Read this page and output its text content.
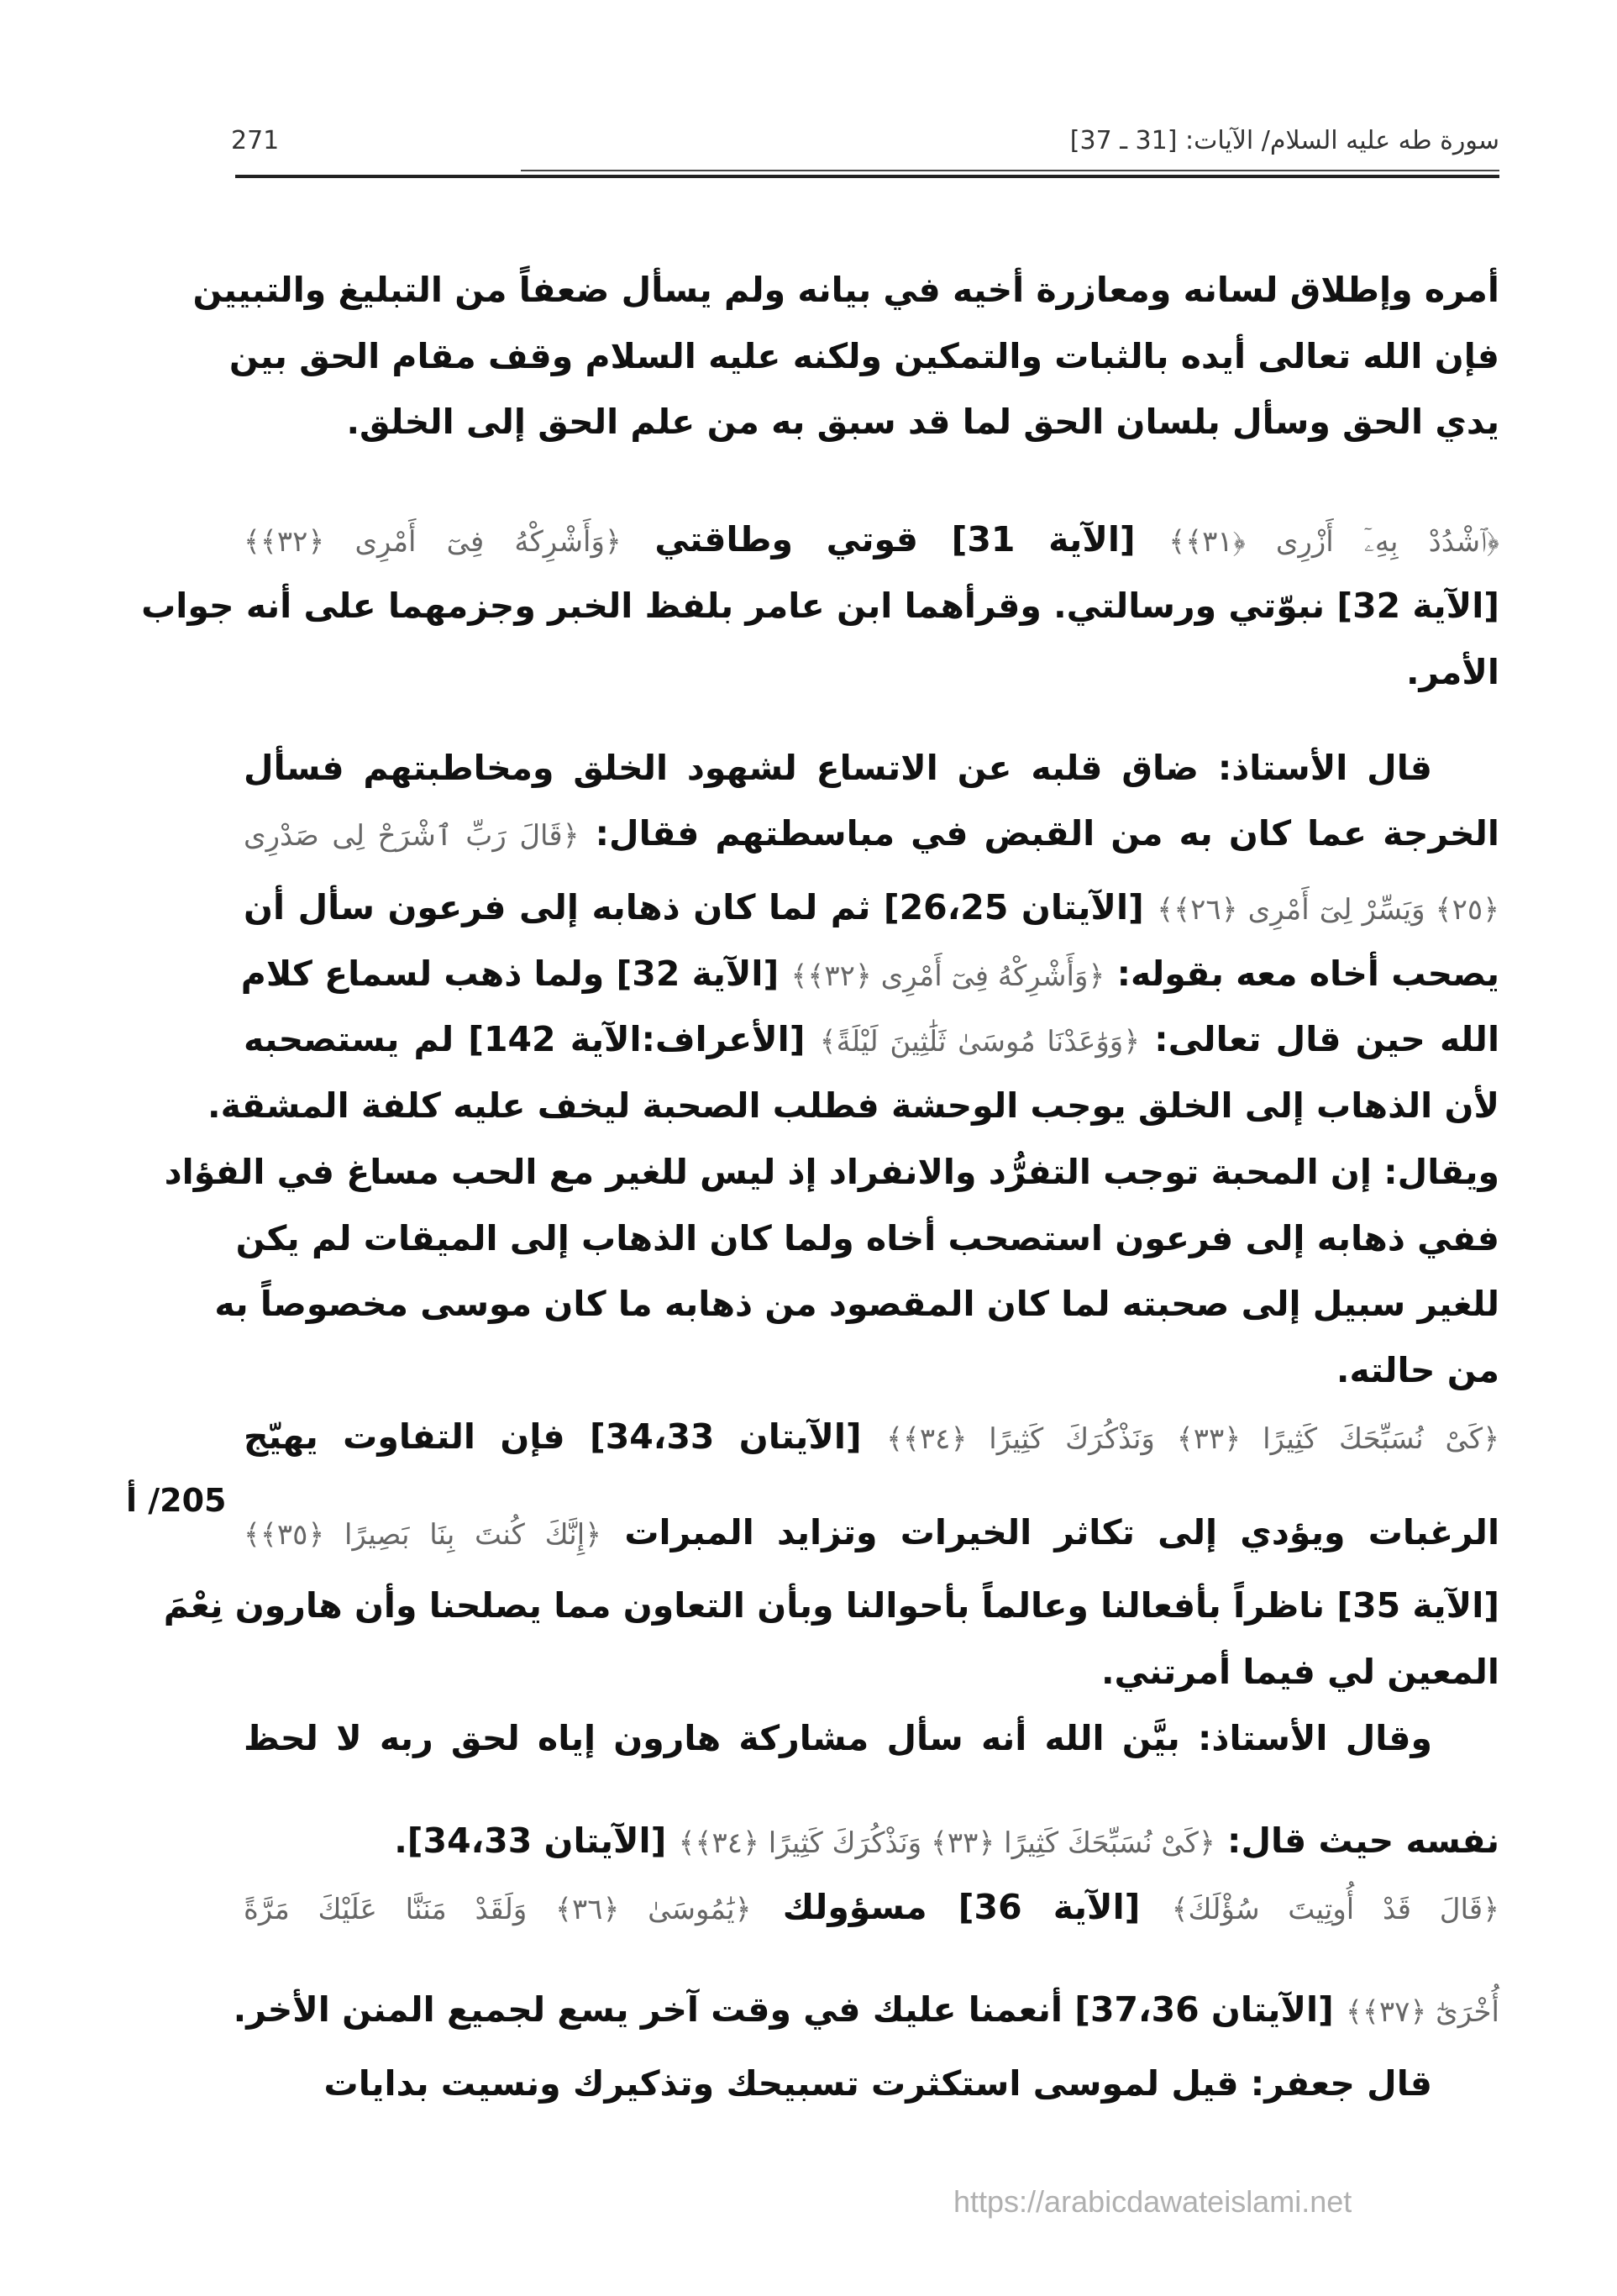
سورة طه عليه السلام/ الآيات: [31 ـ 37]
271
أمره وإطلاق لسانه ومعازرة أخيه في بيانه ولم يسأل ضعفاً من التبليغ والتبيين
فإن الله تعالى أيده بالثبات والتمكين ولكنه عليه السلام وقف مقام الحق بين
يدي الحق وسأل بلسان الحق لما قد سبق به من علم الحق إلى الخلق.
﴿ٱشْدُدْ بِهِۦٓ أَزْرِى ﴿٣١﴾﴾ [الآية 31] قوتي وطاقتي ﴿وَأَشْرِكْهُ فِىٓ أَمْرِى ﴿٣٢﴾﴾
[الآية 32] نبوّتي ورسالتي. وقرأهما ابن عامر بلفظ الخبر وجزمهما على أنه جواب
الأمر.
قال الأستاذ: ضاق قلبه عن الاتساع لشهود الخلق ومخاطبتهم فسأل
الخرجة عما كان به من القبض في مباسطتهم فقال: ﴿قَالَ رَبِّ ٱشْرَحْ لِى صَدْرِى
﴿٢٥﴾ وَيَسِّرْ لِىٓ أَمْرِى ﴿٢٦﴾﴾ [الآيتان 26،25] ثم لما كان ذهابه إلى فرعون سأل أن
يصحب أخاه معه بقوله: ﴿وَأَشْرِكْهُ فِىٓ أَمْرِى ﴿٣٢﴾﴾ [الآية 32] ولما ذهب لسماع كلام
الله حين قال تعالى: ﴿وَوَٰعَدْنَا مُوسَىٰ ثَلَٰثِينَ لَيْلَةً﴾ [الأعراف:الآية 142] لم يستصحبه
لأن الذهاب إلى الخلق يوجب الوحشة فطلب الصحبة ليخف عليه كلفة المشقة.
ويقال: إن المحبة توجب التفرُّد والانفراد إذ ليس للغير مع الحب مساغ في الفؤاد
ففي ذهابه إلى فرعون استصحب أخاه ولما كان الذهاب إلى الميقات لم يكن
للغير سبيل إلى صحبته لما كان المقصود من ذهابه ما كان موسى مخصوصاً به
من حالته.
﴿كَىْ نُسَبِّحَكَ كَثِيرًا ﴿٣٣﴾ وَنَذْكُرَكَ كَثِيرًا ﴿٣٤﴾﴾ [الآيتان 34،33] فإن التفاوت يهيّج
الرغبات ويؤدي إلى تكاثر الخيرات وتزايد المبرات ﴿إِنَّكَ كُنتَ بِنَا بَصِيرًا ﴿٣٥﴾﴾
[الآية 35] ناظراً بأفعالنا وعالماً بأحوالنا وبأن التعاون مما يصلحنا وأن هارون نِعْمَ
المعين لي فيما أمرتني.
وقال الأستاذ: بيَّن الله أنه سأل مشاركة هارون إياه لحق ربه لا لحظ
نفسه حيث قال: ﴿كَىْ نُسَبِّحَكَ كَثِيرًا ﴿٣٣﴾ وَنَذْكُرَكَ كَثِيرًا ﴿٣٤﴾﴾ [الآيتان 34،33].
﴿قَالَ قَدْ أُوتِيتَ سُؤْلَكَ﴾ [الآية 36] مسؤولك ﴿يَٰمُوسَىٰ ﴿٣٦﴾ وَلَقَدْ مَنَنَّا عَلَيْكَ مَرَّةً
أُخْرَىٰٓ ﴿٣٧﴾﴾ [الآيتان 37،36] أنعمنا عليك في وقت آخر يسع لجميع المنن الأخر.
قال جعفر: قيل لموسى استكثرت تسبيحك وتذكيرك ونسيت بدايات
205/ أ
https://arabicdawateislami.net
